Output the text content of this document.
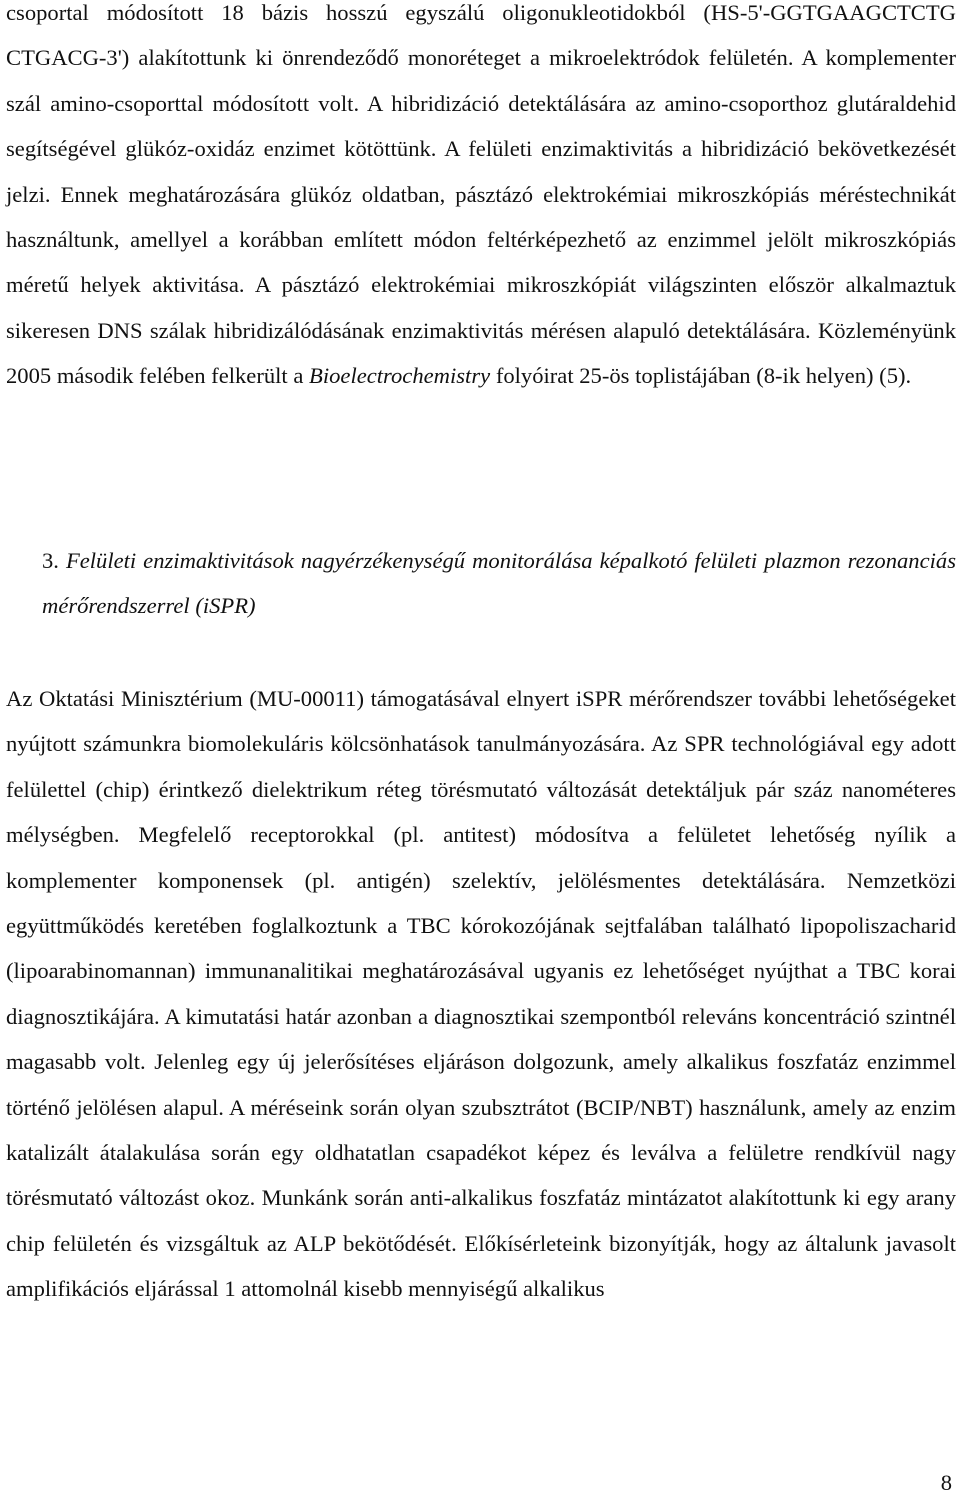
csoportal módosított 18 bázis hosszú egyszálú oligonukleotidokból (HS-5'-GGTGAAGCTCTG CTGACG-3') alakítottunk ki önrendeződő monoréteget a mikroelektródok felületén. A komplementer szál amino-csoporttal módosított volt. A hibridizáció detektálására az amino-csoporthoz glutáraldehid segítségével glükóz-oxidáz enzimet kötöttünk. A felületi enzimaktivitás a hibridizáció bekövetkezését jelzi. Ennek meghatározására glükóz oldatban, pásztázó elektrokémiai mikroszkópiás méréstechnikát használtunk, amellyel a korábban említett módon feltérképezhető az enzimmel jelölt mikroszkópiás méretű helyek aktivitása. A pásztázó elektrokémiai mikroszkópiát világszinten először alkalmaztuk sikeresen DNS szálak hibridizálódásának enzimaktivitás mérésen alapuló detektálására. Közleményünk 2005 második felében felkerült a Bioelectrochemistry folyóirat 25-ös toplistájában (8-ik helyen) (5).

3. Felületi enzimaktivitások nagyérzékenységű monitorálása képalkotó felületi plazmon rezonanciás mérőrendszerrel (iSPR)

Az Oktatási Minisztérium (MU-00011) támogatásával elnyert iSPR mérőrendszer további lehetőségeket nyújtott számunkra biomolekuláris kölcsönhatások tanulmányozására. Az SPR technológiával egy adott felülettel (chip) érintkező dielektrikum réteg törésmutató változását detektáljuk pár száz nanométeres mélységben. Megfelelő receptorokkal (pl. antitest) módosítva a felületet lehetőség nyílik a komplementer komponensek (pl. antigén) szelektív, jelölésmentes detektálására. Nemzetközi együttműködés keretében foglalkoztunk a TBC kórokozójának sejtfalában található lipopoliszacharid (lipoarabinomannan) immunanalitikai meghatározásával ugyanis ez lehetőséget nyújthat a TBC korai diagnosztikájára. A kimutatási határ azonban a diagnosztikai szempontból releváns koncentráció szintnél magasabb volt. Jelenleg egy új jelerősítéses eljáráson dolgozunk, amely alkalikus foszfatáz enzimmel történő jelölésen alapul. A méréseink során olyan szubsztrátot (BCIP/NBT) használunk, amely az enzim katalizált átalakulása során egy oldhatatlan csapadékot képez és leválva a felületre rendkívül nagy törésmutató változást okoz. Munkánk során anti-alkalikus foszfatáz mintázatot alakítottunk ki egy arany chip felületén és vizsgáltuk az ALP bekötődését. Előkísérleteink bizonyítják, hogy az általunk javasolt amplifikációs eljárással 1 attomolnál kisebb mennyiségű alkalikus

8
